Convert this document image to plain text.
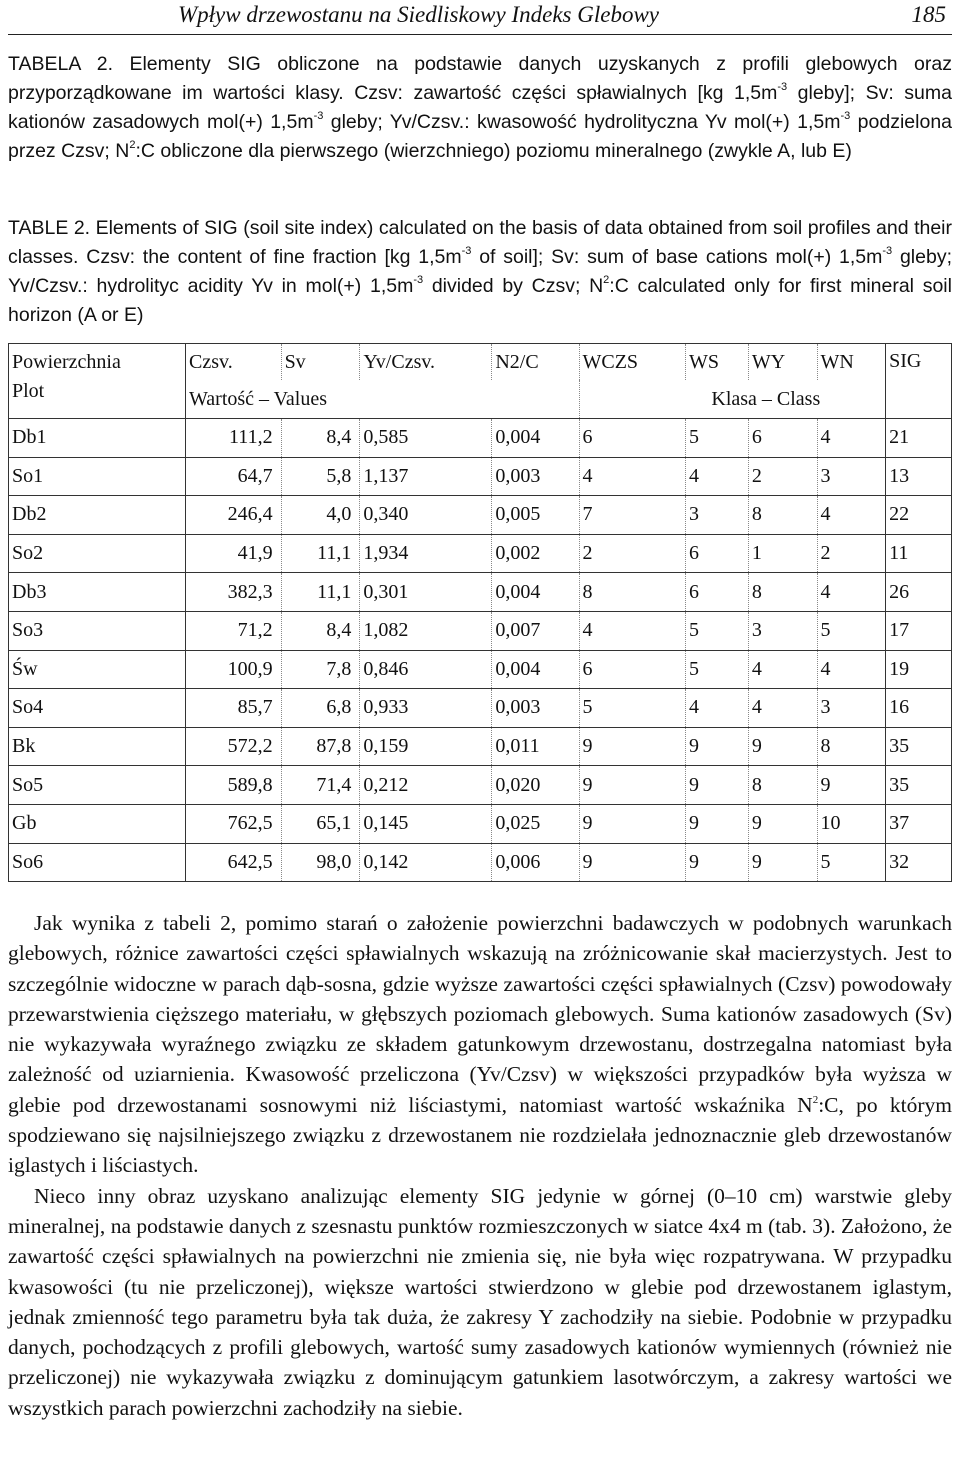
Wpływ drzewostanu na Siedliskowy Indeks Glebowy	185
TABELA 2. Elementy SIG obliczone na podstawie danych uzyskanych z profili glebowych oraz przyporządkowane im wartości klasy. Czsv: zawartość części spławialnych [kg $1,5m^{-3}$ gleby]; Sv: suma kationów zasadowych mol(+) $1,5m^{-3}$ gleby; Yv/Czsv.: kwasowość hydrolityczna Yv mol(+) $1,5m^{-3}$ podzielona przez Czsv; $N^2:C$ obliczone dla pierwszego (wierzchniego) poziomu mineralnego (zwykle A, lub E)
TABLE 2. Elements of SIG (soil site index) calculated on the basis of data obtained from soil profiles and their classes. Czsv: the content of fine fraction [kg $1,5m^{-3}$ of soil]; Sv: sum of base cations mol(+) $1,5m^{-3}$ gleby; Yv/Czsv.: hydrolityc acidity Yv in mol(+) $1,5m^{-3}$ divided by Czsv; $N^2:C$ calculated only for first mineral soil horizon (A or E)
Powierzchnia	Czsv.	Sv	Yv/Czsv.	N2/C	WCZS	WS	WY	WN	SIG
Plot	Wartość – Values				Klasa – Class				
Db1	111,2	8,4	0,585	0,004	6	5	6	4	21
So1	64,7	5,8	1,137	0,003	4	4	2	3	13
Db2	246,4	4,0	0,340	0,005	7	3	8	4	22
So2	41,9	11,1	1,934	0,002	2	6	1	2	11
Db3	382,3	11,1	0,301	0,004	8	6	8	4	26
So3	71,2	8,4	1,082	0,007	4	5	3	5	17
Św	100,9	7,8	0,846	0,004	6	5	4	4	19
So4	85,7	6,8	0,933	0,003	5	4	4	3	16
Bk	572,2	87,8	0,159	0,011	9	9	9	8	35
So5	589,8	71,4	0,212	0,020	9	9	8	9	35
Gb	762,5	65,1	0,145	0,025	9	9	9	10	37
So6	642,5	98,0	0,142	0,006	9	9	9	5	32

Jak wynika z tabeli 2, pomimo starań o założenie powierzchni badawczych w podobnych warunkach glebowych, różnice zawartości części spławialnych wskazują na zróżnicowanie skał macierzystych. Jest to szczególnie widoczne w parach dąb-sosna, gdzie wyższe zawartości części spławialnych (Czsv) powodowały przewarstwienia cięższego materiału, w głębszych poziomach glebowych. Suma kationów zasadowych (Sv) nie wykazywała wyraźnego związku ze składem gatunkowym drzewostanu, dostrzegalna natomiast była zależność od uziarnienia. Kwasowość przeliczona (Yv/Czsv) w większości przypadków była wyższa w glebie pod drzewostanami sosnowymi niż liściastymi, natomiast wartość wskaźnika $N^2:C$, po którym spodziewano się najsilniejszego związku z drzewostanem nie rozdzielała jednoznacznie gleb drzewostanów iglastych i liściastych.

Nieco inny obraz uzyskano analizując elementy SIG jedynie w górnej (0–10 cm) warstwie gleby mineralnej, na podstawie danych z szesnastu punktów rozmieszczonych w siatce 4x4 m (tab. 3). Założono, że zawartość części spławialnych na powierzchni nie zmienia się, nie była więc rozpatrywana. W przypadku kwasowości (tu nie przeliczonej), większe wartości stwierdzono w glebie pod drzewostanem iglastym, jednak zmienność tego parametru była tak duża, że zakresy Y zachodziły na siebie. Podobnie w przypadku danych, pochodzących z profili glebowych, wartość sumy zasadowych kationów wymiennych (również nie przeliczonej) nie wykazywała związku z dominującym gatunkiem lasotwórczym, a zakresy wartości we wszystkich parach powierzchni zachodziły na siebie.
